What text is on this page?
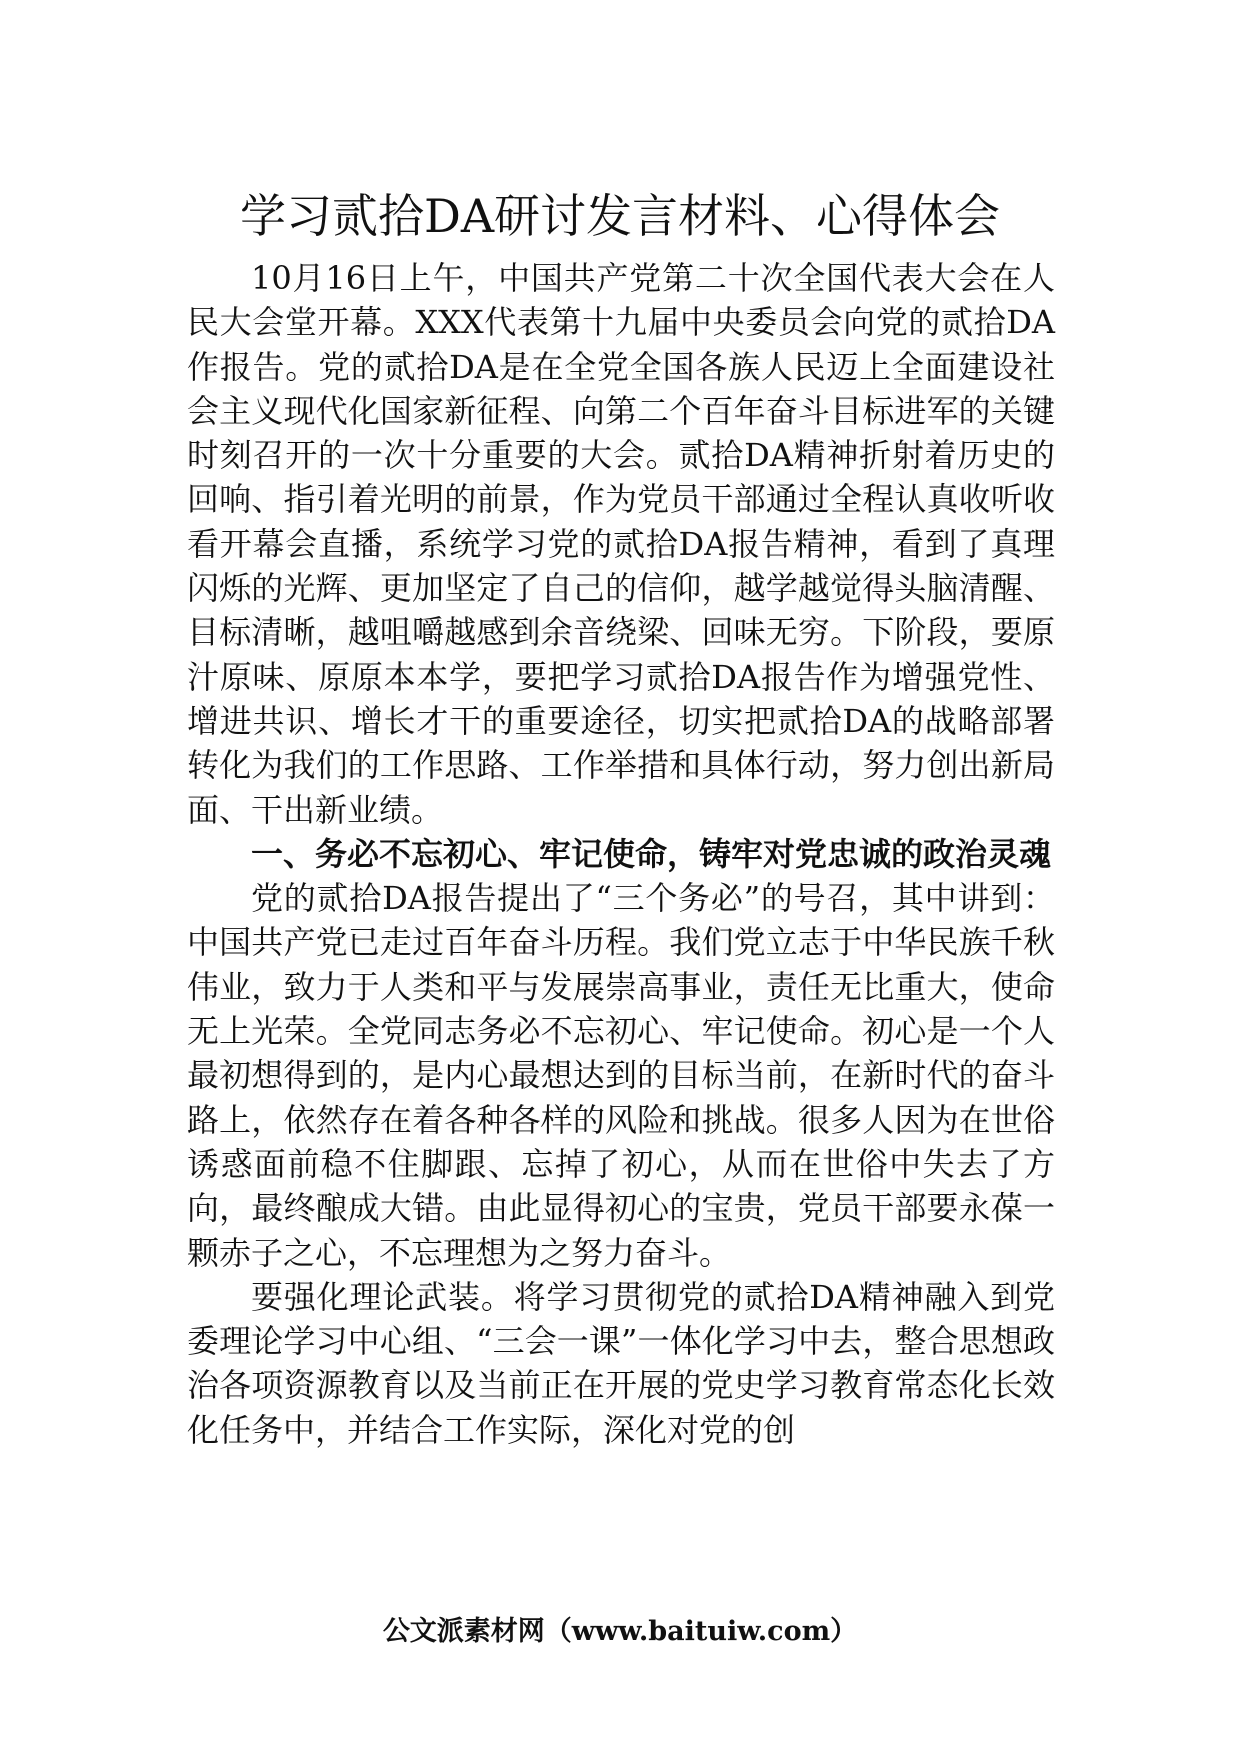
学习贰拾DA研讨发言材料、心得体会

10月16日上午，中国共产党第二十次全国代表大会在人民大会堂开幕。XXX代表第十九届中央委员会向党的贰拾DA作报告。党的贰拾DA是在全党全国各族人民迈上全面建设社会主义现代化国家新征程、向第二个百年奋斗目标进军的关键时刻召开的一次十分重要的大会。贰拾DA精神折射着历史的回响、指引着光明的前景，作为党员干部通过全程认真收听收看开幕会直播，系统学习党的贰拾DA报告精神，看到了真理闪烁的光辉、更加坚定了自己的信仰，越学越觉得头脑清醒、目标清晰，越咀嚼越感到余音绕梁、回味无穷。下阶段，要原汁原味、原原本本学，要把学习贰拾DA报告作为增强党性、增进共识、增长才干的重要途径，切实把贰拾DA的战略部署转化为我们的工作思路、工作举措和具体行动，努力创出新局面、干出新业绩。

一、务必不忘初心、牢记使命，铸牢对党忠诚的政治灵魂

党的贰拾DA报告提出了“三个务必”的号召，其中讲到：中国共产党已走过百年奋斗历程。我们党立志于中华民族千秋伟业，致力于人类和平与发展崇高事业，责任无比重大，使命无上光荣。全党同志务必不忘初心、牢记使命。初心是一个人最初想得到的，是内心最想达到的目标当前，在新时代的奋斗路上，依然存在着各种各样的风险和挑战。很多人因为在世俗诱惑面前稳不住脚跟、忘掉了初心，从而在世俗中失去了方向，最终酿成大错。由此显得初心的宝贵，党员干部要永葆一颗赤子之心，不忘理想为之努力奋斗。

要强化理论武装。将学习贯彻党的贰拾DA精神融入到党委理论学习中心组、“三会一课”一体化学习中去，整合思想政治各项资源教育以及当前正在开展的党史学习教育常态化长效化任务中，并结合工作实际，深化对党的创

公文派素材网（www.baituiw.com）
